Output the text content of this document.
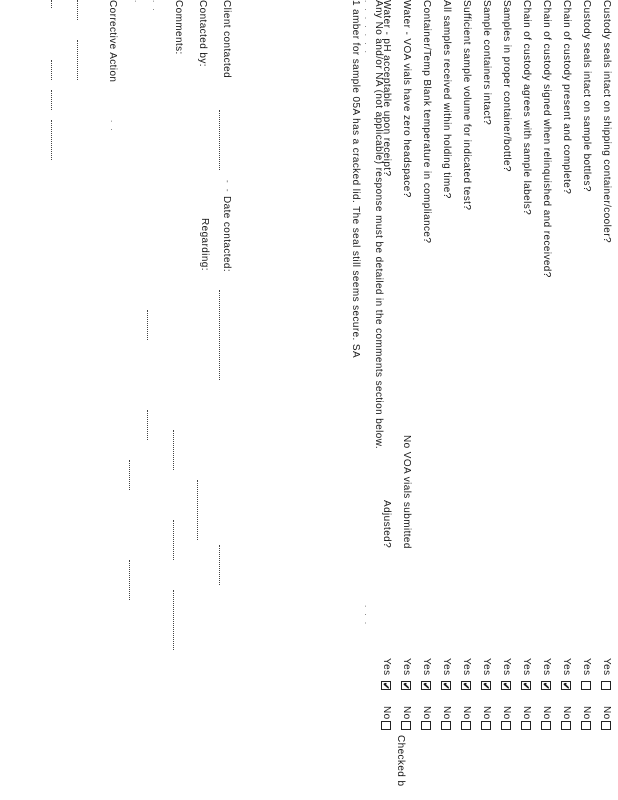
Checked b
Custody seals intact on shipping container/cooler?
Yes
No
Custody seals intact on sample bottles?
Yes
No
Chain of custody present and complete?
Yes
✔
No
Chain of custody signed when relinquished and received?
Yes
✔
No
Chain of custody agrees with sample labels?
Yes
✔
No
Samples in proper container/bottle?
Yes
✔
No
Sample containers intact?
Yes
✔
No
Sufficient sample volume for indicated test?
Yes
✔
No
All samples received within holding time?
Yes
✔
No
Container/Temp Blank temperature in compliance?
Yes
✔
No
Water - VOA vials have zero headspace?
No VOA vials submitted
Yes
✔
No
Water - pH acceptable upon receipt?
Adjusted?
Yes
✔
No
Any No and/or NA (not applicable) response must be detailed in the comments section below.
. . . . . . .
. . .
1 amber for sample 05A has a cracked lid. The seal still seems secure. SA
Client contacted
- -
Date contacted:
Contacted by:
Regarding:
Comments:
. .
.
Corrective Action
. .
